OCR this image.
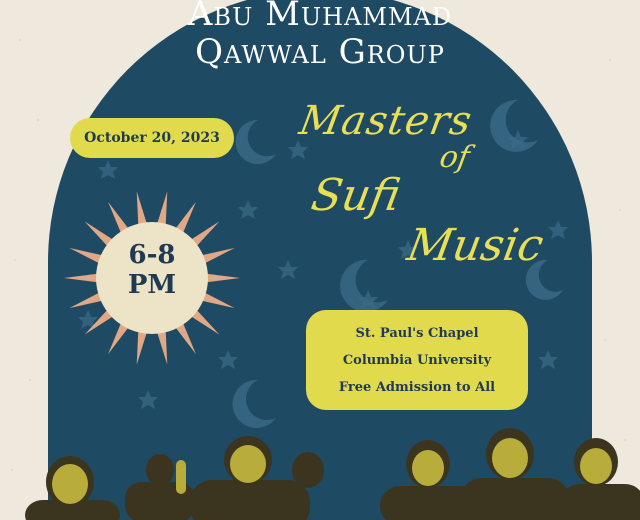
Abu Muhammad
Qawwal Group
October 20, 2023	Masters
of
Sufi
Music
6-8
PM
St. Paul's Chapel
Columbia University
Free Admission to All
